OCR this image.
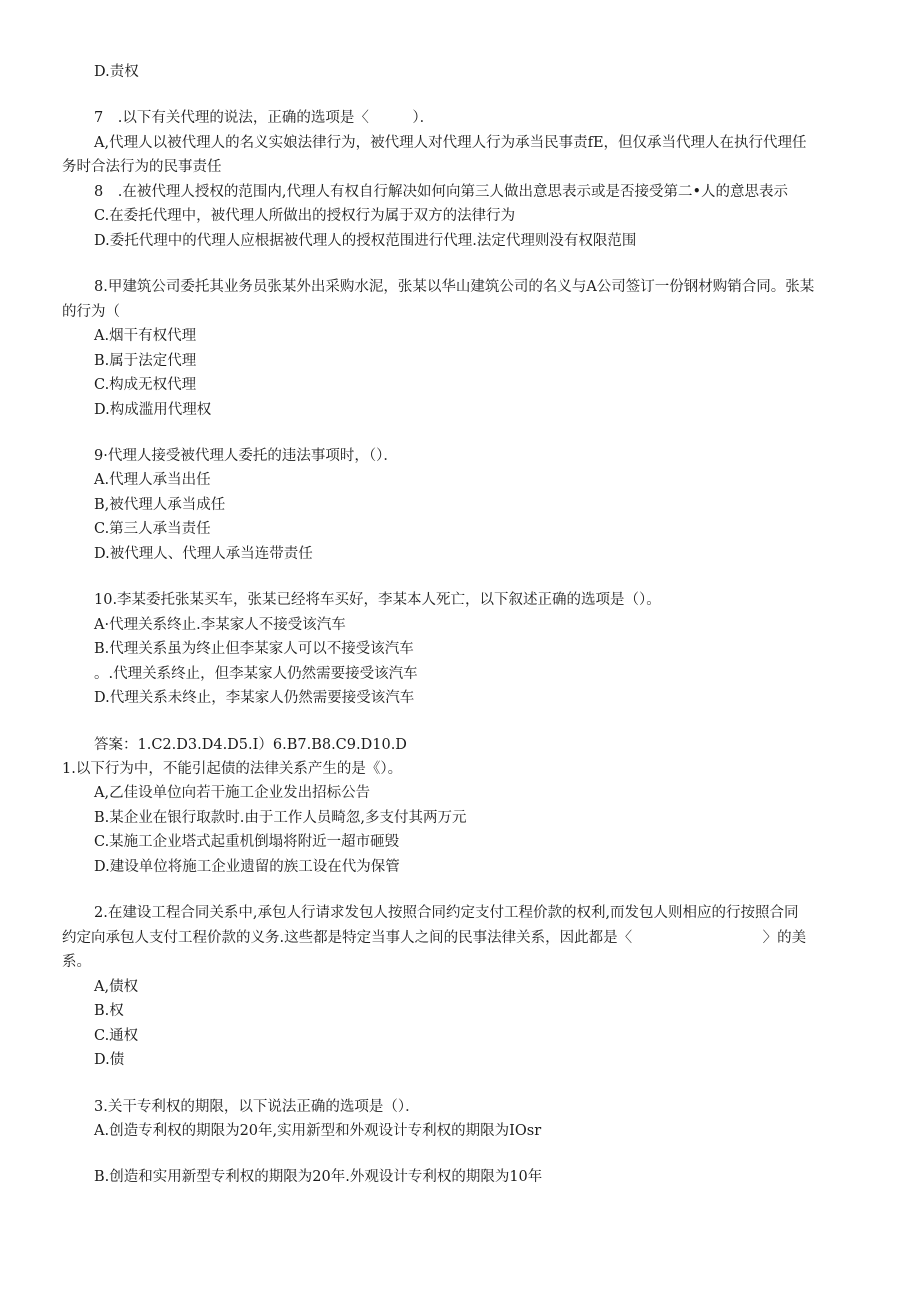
D.责权
7　.以下有关代理的说法，正确的选项是〈　　　）．
A,代理人以被代理人的名义实娘法律行为，被代理人对代理人行为承当民事责fE，但仅承当代理人在执行代理任
务时合法行为的民事责任
8　.在被代理人授权的范围内,代理人有权自行解决如何向第三人做出意思表示或是否接受第二•人的意思表示
C.在委托代理中，被代理人所做出的授权行为属于双方的法律行为
D.委托代理中的代理人应根据被代理人的授权范围进行代理.法定代理则没有权限范围
8.甲建筑公司委托其业务员张某外出采购水泥，张某以华山建筑公司的名义与A公司签订一份钢材购销合同。张某
的行为（
A.烟干有权代理
B.属于法定代理
C.构成无权代理
D.构成滥用代理权
9·代理人接受被代理人委托的违法事项时，（）．
A.代理人承当出任
B,被代理人承当成任
C.第三人承当责任
D.被代理人、代理人承当连带责任
10.李某委托张某买车，张某已经将车买好，李某本人死亡，以下叙述正确的选项是（）。
A·代理关系终止.李某家人不接受该汽车
B.代理关系虽为终止但李某家人可以不接受该汽车
。.代理关系终止，但李某家人仍然需要接受该汽车
D.代理关系未终止，李某家人仍然需要接受该汽车
答案：1.C2.D3.D4.D5.I）6.B7.B8.C9.D10.D
1.以下行为中，不能引起债的法律关系产生的是《）。
A,乙佳设单位向若干施工企业发出招标公告
B.某企业在银行取款时.由于工作人员畸忽,多支付其两万元
C.某施工企业塔式起重机倒塌将附近一超市砸毁
D.建设单位将施工企业遗留的族工设在代为保管
2.在建设工程合同关系中,承包人行请求发包人按照合同约定支付工程价款的权利,而发包人则相应的行按照合同
约定向承包人支付工程价款的义务.这些都是特定当事人之间的民事法律关系，因此都是〈　　　　　　　　　〉的美
系。
A,债权
B.权
C.通权
D.债
3.关干专利权的期限，以下说法正确的选项是（）．
A.创造专利权的期限为20年,实用新型和外观设计专利权的期限为IOsr
B.创造和实用新型专利权的期限为20年.外观设计专利权的期限为10年
